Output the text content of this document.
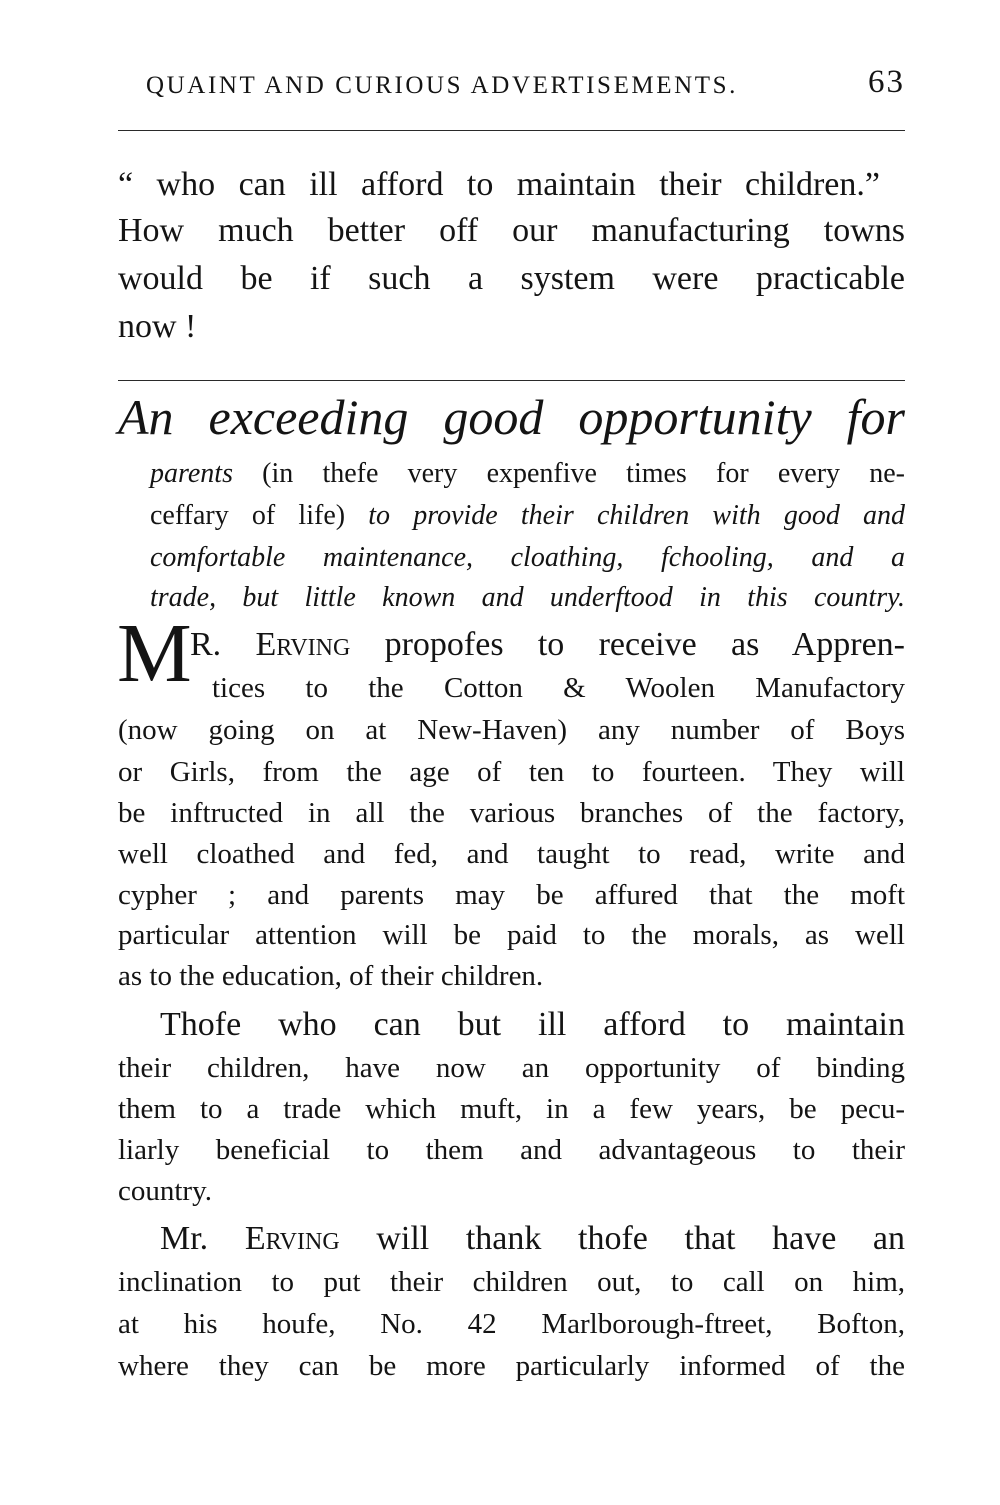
QUAINT AND CURIOUS ADVERTISEMENTS.	63
“ who can ill afford to maintain their children.”
How much better off our manufacturing towns
would be if such a system were practicable
now !
An exceeding good opportunity for
parents (in thefe very expenfive times for every ne-
ceffary of life) to provide their children with good and
comfortable maintenance, cloathing, fchooling, and a
trade, but little known and underftood in this country.
M
R. Erving propofes to receive as Appren-
tices to the Cotton & Woolen Manufactory
(now going on at New-Haven) any number of Boys
or Girls, from the age of ten to fourteen. They will
be inftructed in all the various branches of the factory,
well cloathed and fed, and taught to read, write and
cypher ; and parents may be affured that the moft
particular attention will be paid to the morals, as well
as to the education, of their children.
Thofe who can but ill afford to maintain
their children, have now an opportunity of binding
them to a trade which muft, in a few years, be pecu-
liarly beneficial to them and advantageous to their
country.
Mr. Erving will thank thofe that have an
inclination to put their children out, to call on him,
at his houfe, No. 42 Marlborough-ftreet, Bofton,
where they can be more particularly informed of the
